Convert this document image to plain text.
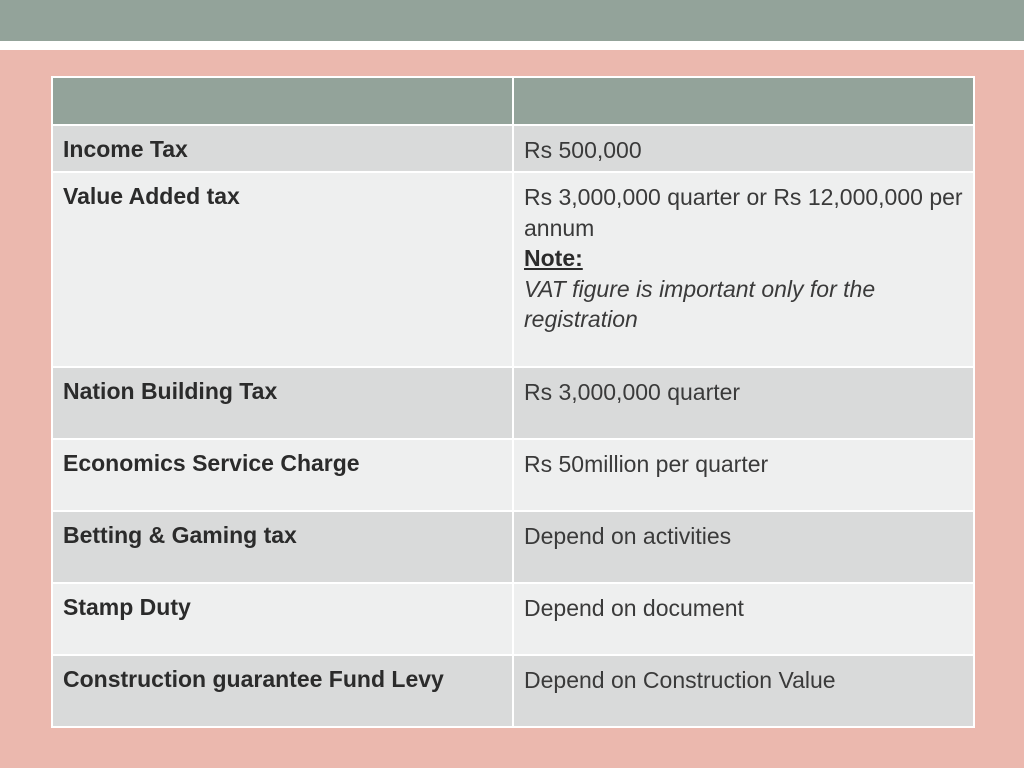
Income Tax	Rs 500,000

Value Added tax	Rs 3,000,000 quarter or Rs 12,000,000 per annum
Note:
VAT figure is important only for the registration

Nation Building Tax	Rs 3,000,000 quarter

Economics Service Charge	Rs 50million per quarter

Betting & Gaming tax	Depend on activities

Stamp Duty	Depend on document

Construction guarantee Fund Levy	Depend on Construction Value
